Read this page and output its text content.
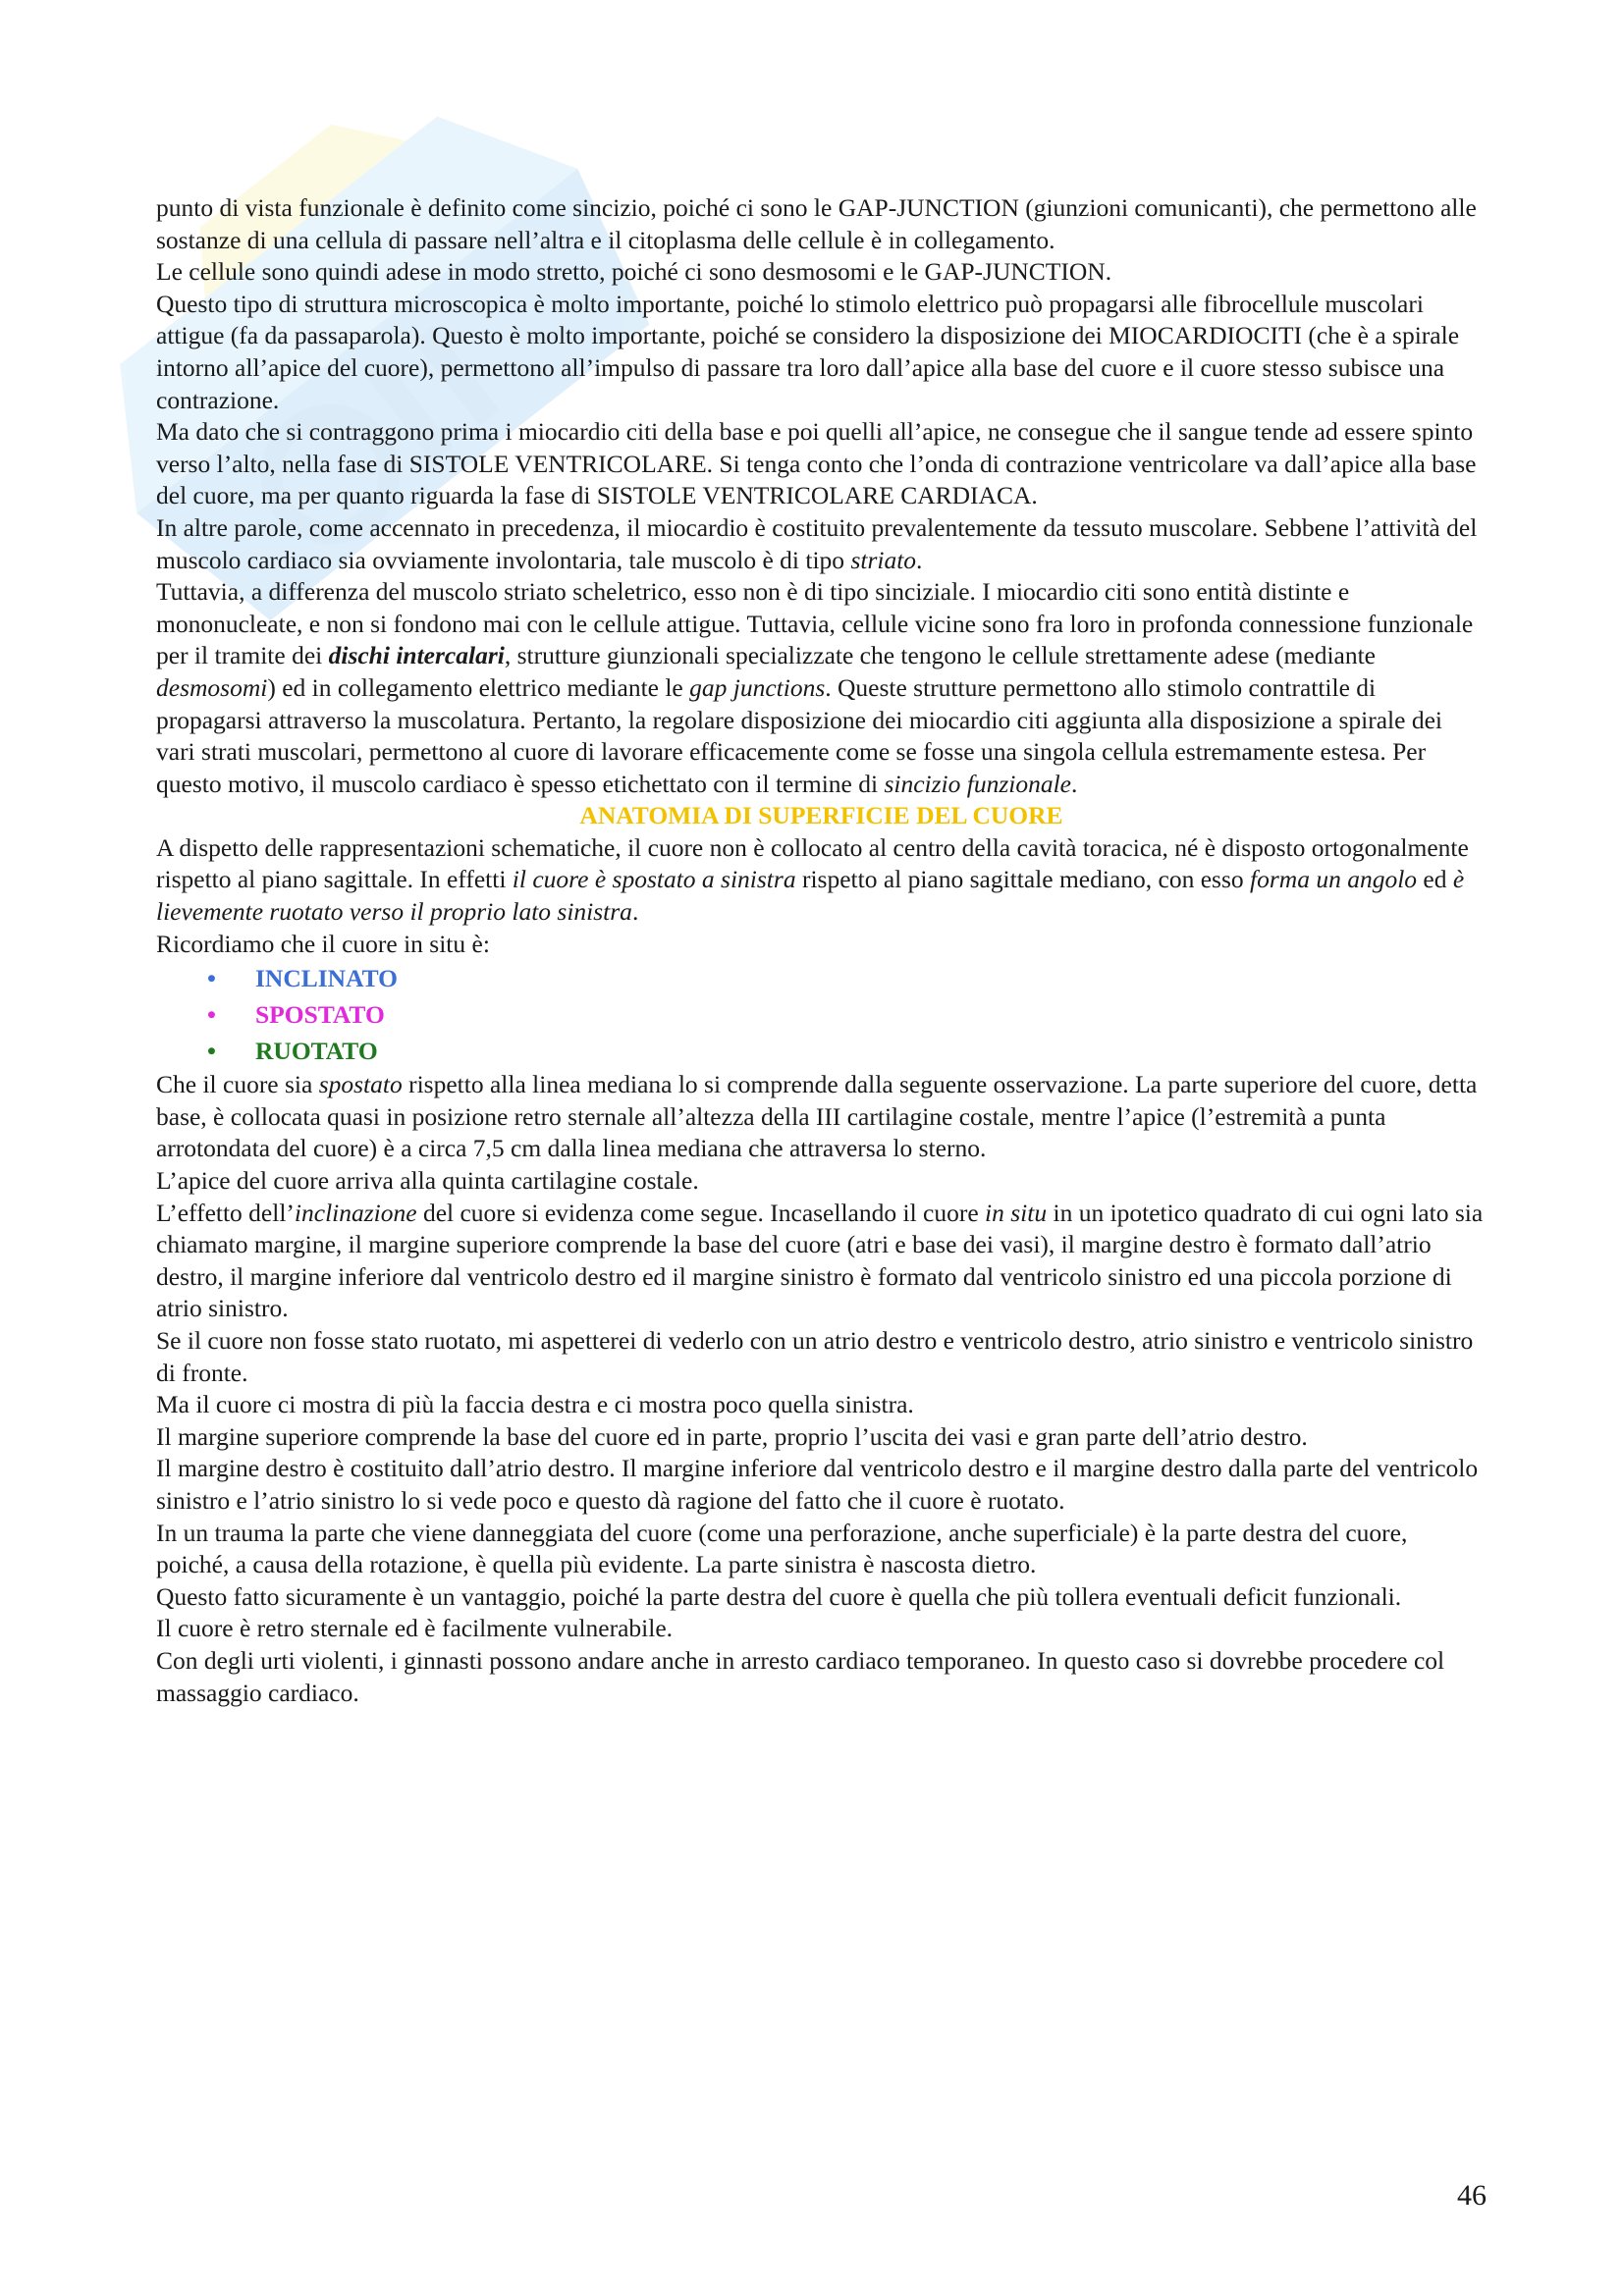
punto di vista funzionale è definito come sincizio, poiché ci sono le GAP-JUNCTION (giunzioni comunicanti), che permettono alle sostanze di una cellula di passare nell’altra e il citoplasma delle cellule è in collegamento.

Le cellule sono quindi adese in modo stretto, poiché ci sono desmosomi e le GAP-JUNCTION.

Questo tipo di struttura microscopica è molto importante, poiché lo stimolo elettrico può propagarsi alle fibrocellule muscolari attigue (fa da passaparola). Questo è molto importante, poiché se considero la disposizione dei MIOCARDIOCITI (che è a spirale intorno all’apice del cuore), permettono all’impulso di passare tra loro dall’apice alla base del cuore e il cuore stesso subisce una contrazione.

Ma dato che si contraggono prima i miocardio citi della base e poi quelli all’apice, ne consegue che il sangue tende ad essere spinto verso l’alto, nella fase di SISTOLE VENTRICOLARE. Si tenga conto che l’onda di contrazione ventricolare va dall’apice alla base del cuore, ma per quanto riguarda la fase di SISTOLE VENTRICOLARE CARDIACA.

In altre parole, come accennato in precedenza, il miocardio è costituito prevalentemente da tessuto muscolare. Sebbene l’attività del muscolo cardiaco sia ovviamente involontaria, tale muscolo è di tipo striato.

Tuttavia, a differenza del muscolo striato scheletrico, esso non è di tipo sinciziale. I miocardio citi sono entità distinte e mononucleate, e non si fondono mai con le cellule attigue. Tuttavia, cellule vicine sono fra loro in profonda connessione funzionale per il tramite dei dischi intercalari, strutture giunzionali specializzate che tengono le cellule strettamente adese (mediante desmosomi) ed in collegamento elettrico mediante le gap junctions. Queste strutture permettono allo stimolo contrattile di propagarsi attraverso la muscolatura. Pertanto, la regolare disposizione dei miocardio citi aggiunta alla disposizione a spirale dei vari strati muscolari, permettono al cuore di lavorare efficacemente come se fosse una singola cellula estremamente estesa. Per questo motivo, il muscolo cardiaco è spesso etichettato con il termine di sincizio funzionale.

ANATOMIA DI SUPERFICIE DEL CUORE

A dispetto delle rappresentazioni schematiche, il cuore non è collocato al centro della cavità toracica, né è disposto ortogonalmente rispetto al piano sagittale. In effetti il cuore è spostato a sinistra rispetto al piano sagittale mediano, con esso forma un angolo ed è lievemente ruotato verso il proprio lato sinistra.

Ricordiamo che il cuore in situ è:

• INCLINATO
• SPOSTATO
• RUOTATO

Che il cuore sia spostato rispetto alla linea mediana lo si comprende dalla seguente osservazione. La parte superiore del cuore, detta base, è collocata quasi in posizione retro sternale all’altezza della III cartilagine costale, mentre l’apice (l’estremità a punta arrotondata del cuore) è a circa 7,5 cm dalla linea mediana che attraversa lo sterno.

L’apice del cuore arriva alla quinta cartilagine costale.

L’effetto dell’inclinazione del cuore si evidenza come segue. Incasellando il cuore in situ in un ipotetico quadrato di cui ogni lato sia chiamato margine, il margine superiore comprende la base del cuore (atri e base dei vasi), il margine destro è formato dall’atrio destro, il margine inferiore dal ventricolo destro ed il margine sinistro è formato dal ventricolo sinistro ed una piccola porzione di atrio sinistro.

Se il cuore non fosse stato ruotato, mi aspetterei di vederlo con un atrio destro e ventricolo destro, atrio sinistro e ventricolo sinistro di fronte.

Ma il cuore ci mostra di più la faccia destra e ci mostra poco quella sinistra.

Il margine superiore comprende la base del cuore ed in parte, proprio l’uscita dei vasi e gran parte dell’atrio destro.

Il margine destro è costituito dall’atrio destro. Il margine inferiore dal ventricolo destro e il margine destro dalla parte del ventricolo sinistro e l’atrio sinistro lo si vede poco e questo dà ragione del fatto che il cuore è ruotato.

In un trauma la parte che viene danneggiata del cuore (come una perforazione, anche superficiale) è la parte destra del cuore, poiché, a causa della rotazione, è quella più evidente. La parte sinistra è nascosta dietro.

Questo fatto sicuramente è un vantaggio, poiché la parte destra del cuore è quella che più tollera eventuali deficit funzionali.

Il cuore è retro sternale ed è facilmente vulnerabile.

Con degli urti violenti, i ginnasti possono andare anche in arresto cardiaco temporaneo. In questo caso si dovrebbe procedere col massaggio cardiaco.

46
